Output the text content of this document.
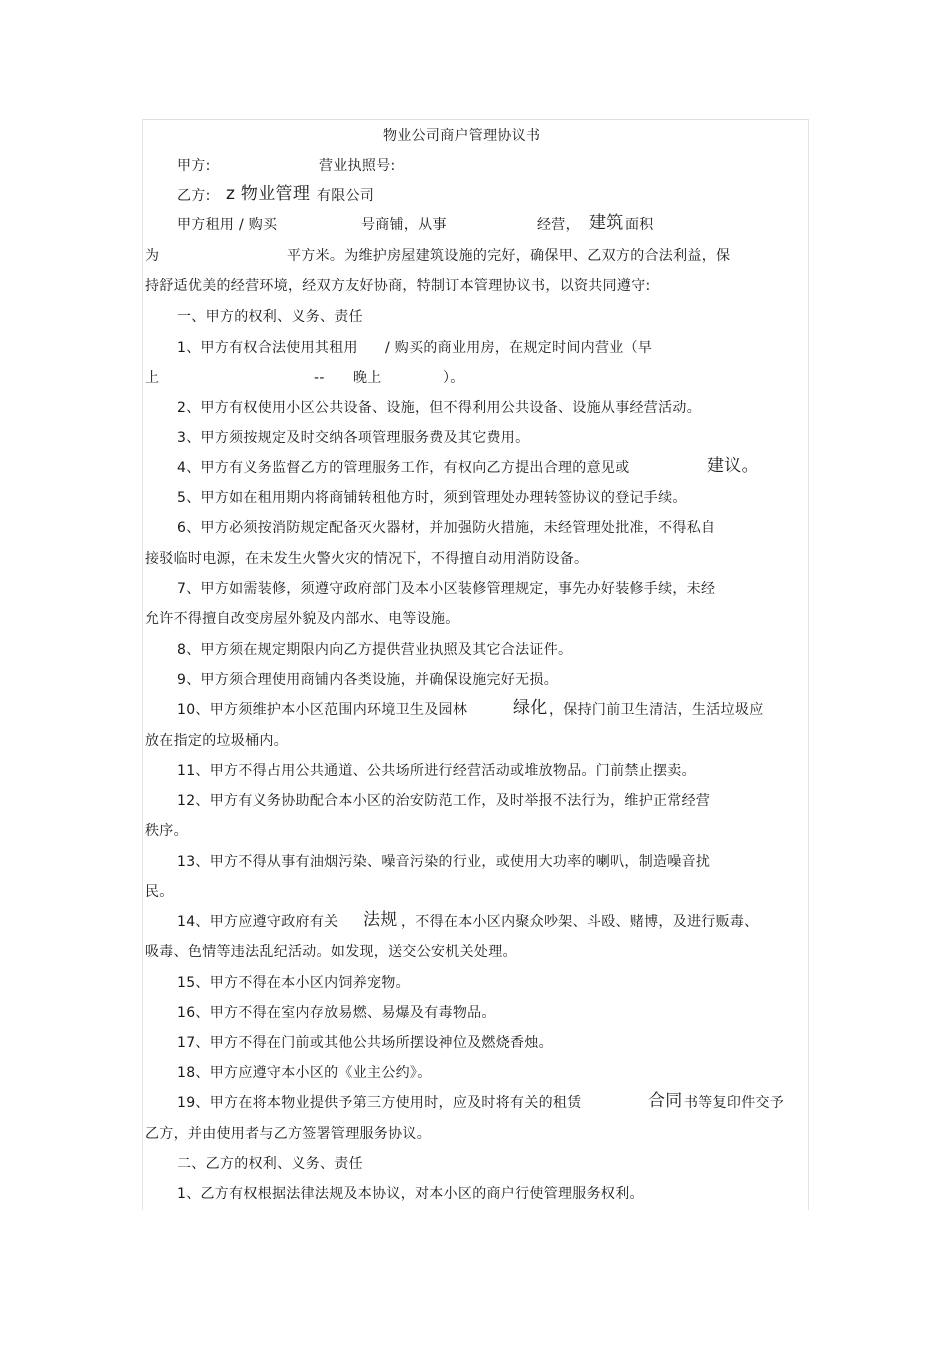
物业公司商户管理协议书
甲方:	营业执照号:
乙方: z 物业管理 有限公司
甲方租用 / 购买	号商铺，从事	经营， 建筑 面积
为	平方米。为维护房屋建筑设施的完好，确保甲、乙双方的合法利益，保
持舒适优美的经营环境，经双方友好协商，特制订本管理协议书，以资共同遵守:
一、甲方的权利、义务、责任
1、甲方有权合法使用其租用 / 购买的商业用房，在规定时间内营业（早
上	-- 晚上	）。
2、甲方有权使用小区公共设备、设施，但不得利用公共设备、设施从事经营活动。
3、甲方须按规定及时交纳各项管理服务费及其它费用。
4、甲方有义务监督乙方的管理服务工作，有权向乙方提出合理的意见或	建议。
5、甲方如在租用期内将商铺转租他方时，须到管理处办理转签协议的登记手续。
6、甲方必须按消防规定配备灭火器材，并加强防火措施，未经管理处批准，不得私自
接驳临时电源，在未发生火警火灾的情况下，不得擅自动用消防设备。
7、甲方如需装修，须遵守政府部门及本小区装修管理规定，事先办好装修手续，未经
允许不得擅自改变房屋外貌及内部水、电等设施。
8、甲方须在规定期限内向乙方提供营业执照及其它合法证件。
9、甲方须合理使用商铺内各类设施，并确保设施完好无损。
10、甲方须维护本小区范围内环境卫生及园林	绿化 ，保持门前卫生清洁，生活垃圾应
放在指定的垃圾桶内。
11、甲方不得占用公共通道、公共场所进行经营活动或堆放物品。门前禁止摆卖。
12、甲方有义务协助配合本小区的治安防范工作，及时举报不法行为，维护正常经营
秩序。
13、甲方不得从事有油烟污染、噪音污染的行业，或使用大功率的喇叭，制造噪音扰
民。
14、甲方应遵守政府有关 法规 ，不得在本小区内聚众吵架、斗殴、赌博，及进行贩毒、
吸毒、色情等违法乱纪活动。如发现，送交公安机关处理。
15、甲方不得在本小区内饲养宠物。
16、甲方不得在室内存放易燃、易爆及有毒物品。
17、甲方不得在门前或其他公共场所摆设神位及燃烧香烛。
18、甲方应遵守本小区的《业主公约》。
19、甲方在将本物业提供予第三方使用时，应及时将有关的租赁	合同 书等复印件交予
乙方，并由使用者与乙方签署管理服务协议。
二、乙方的权利、义务、责任
1、乙方有权根据法律法规及本协议，对本小区的商户行使管理服务权利。
